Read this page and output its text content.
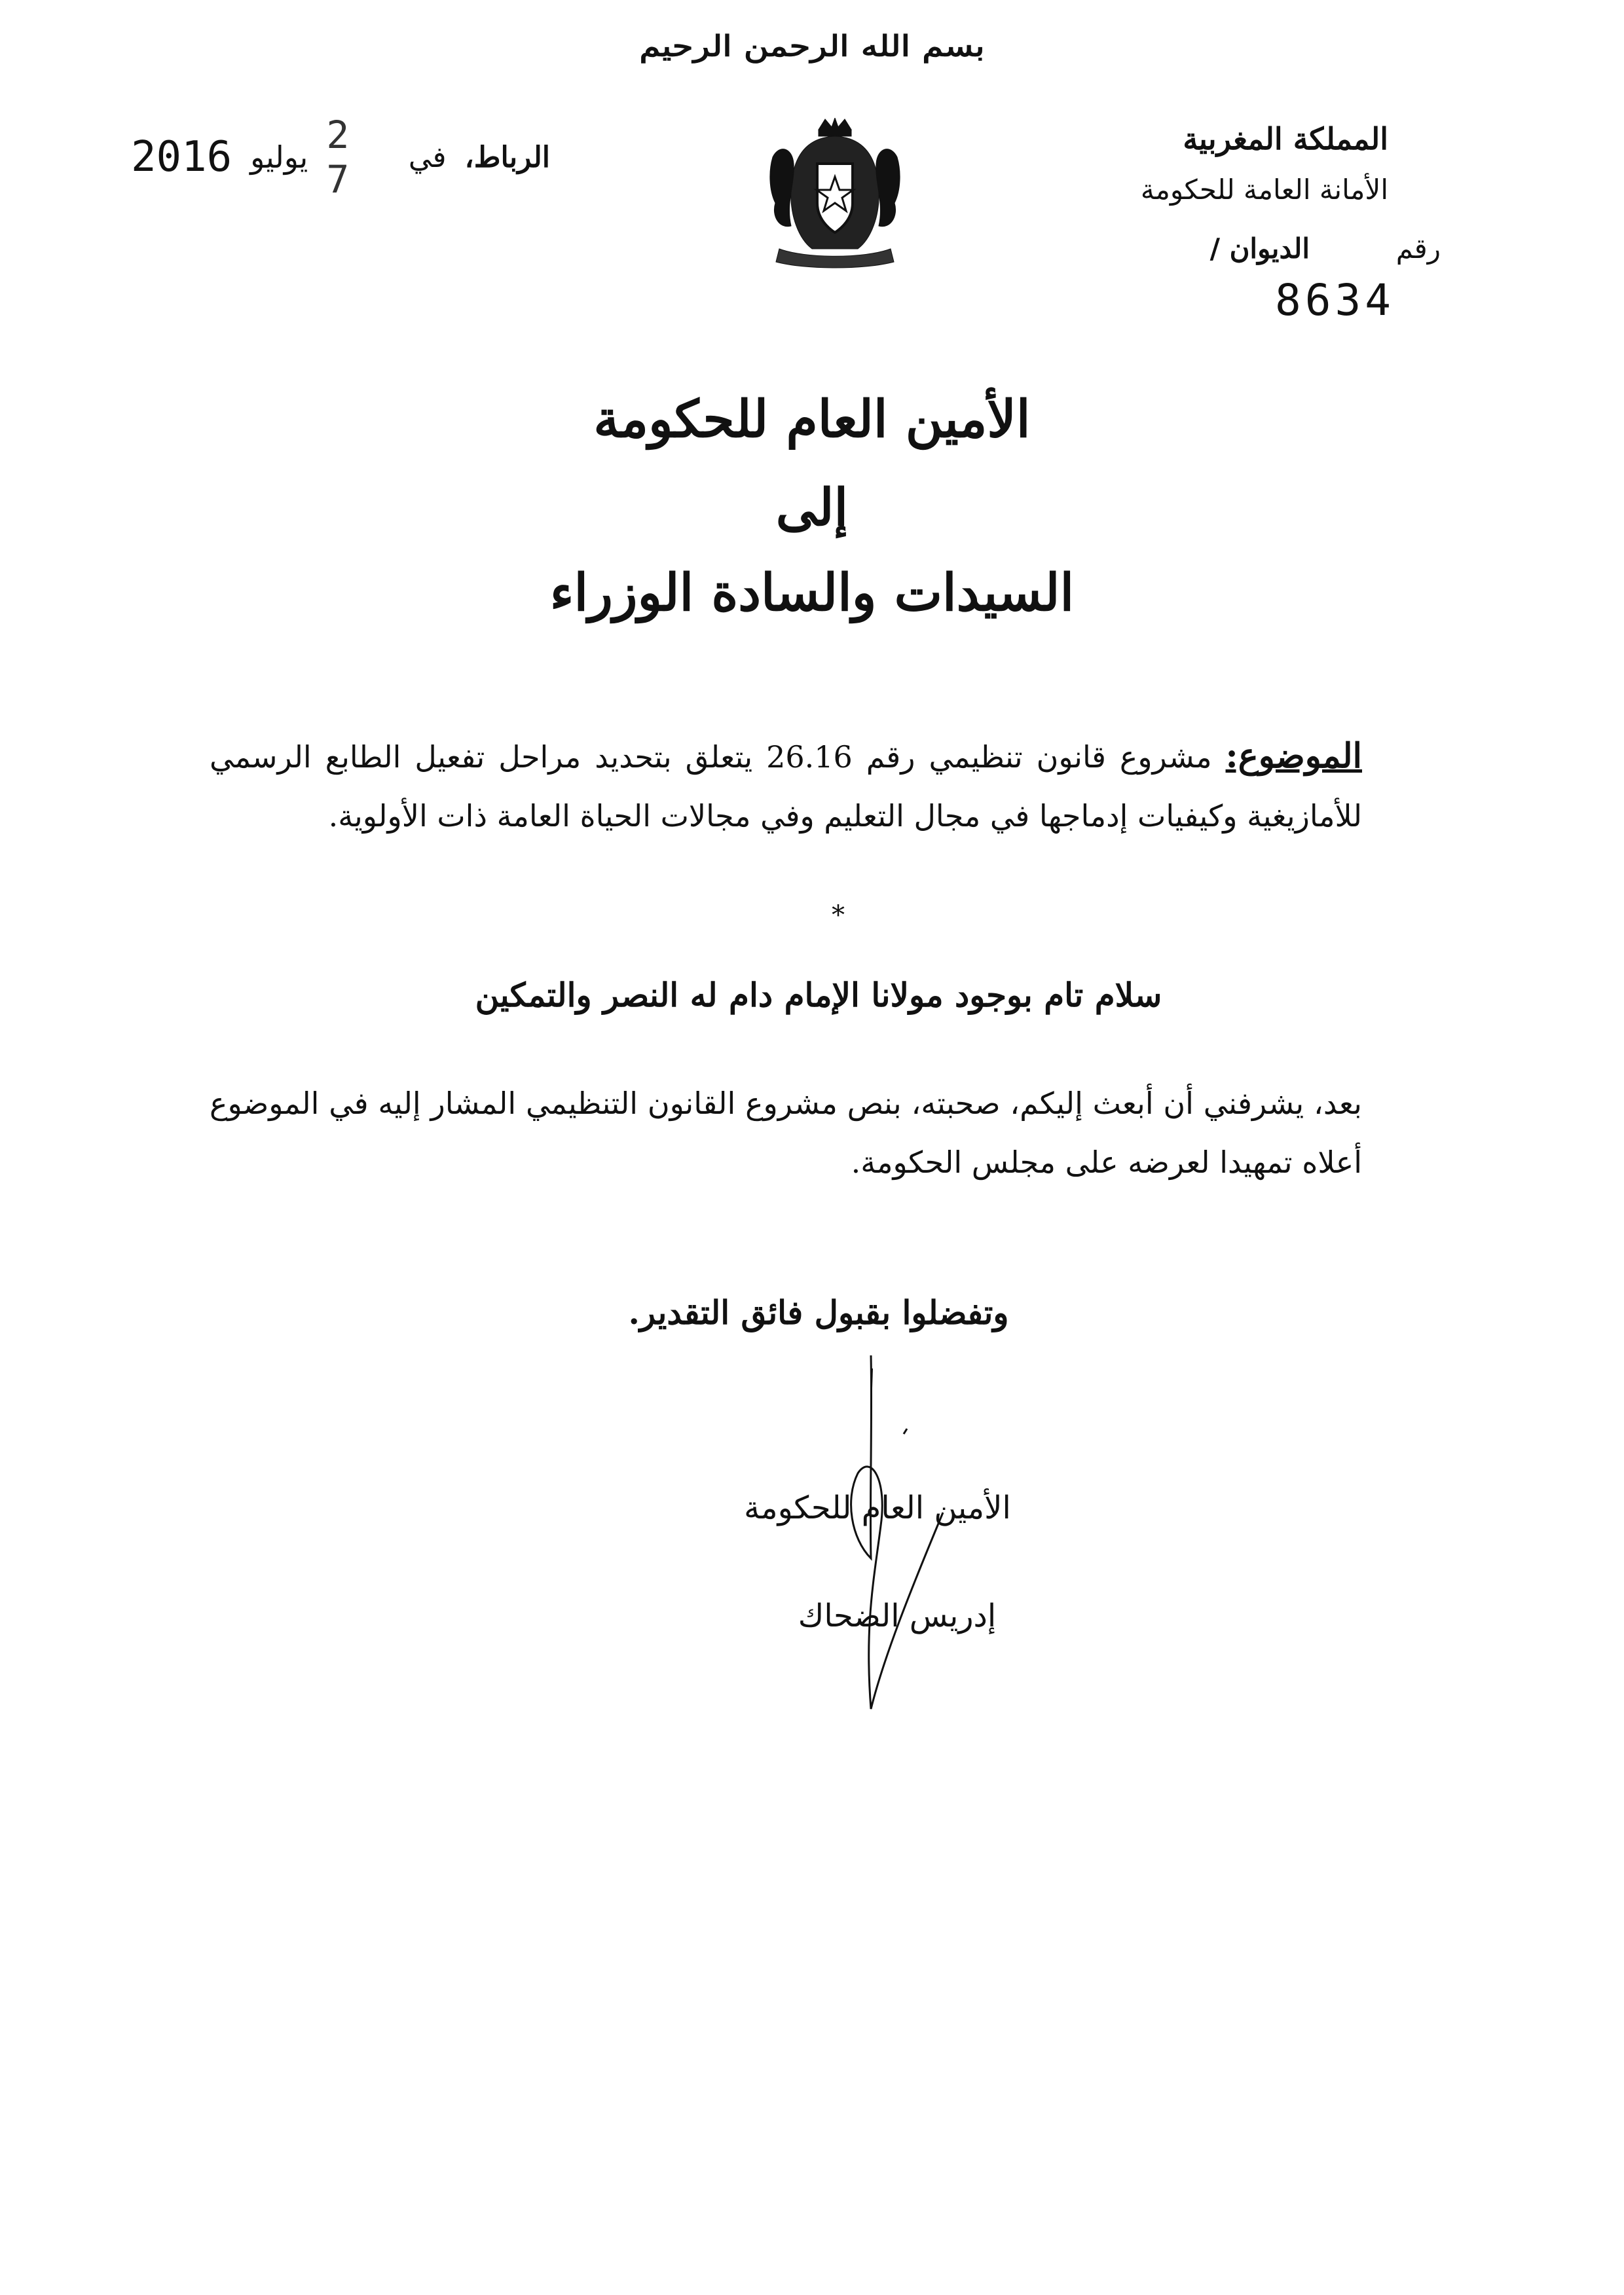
بسم الله الرحمن الرحيم
2016 يوليو 2 7	في الرباط،
المملكة المغربية
الأمانة العامة للحكومة
رقم
الديوان /
8634
الأمين العام للحكومة
إلى
السيدات والسادة الوزراء
الموضوع: مشروع قانون تنظيمي رقم 26.16 يتعلق بتحديد مراحل تفعيل الطابع الرسمي للأمازيغية وكيفيات إدماجها في مجال التعليم وفي مجالات الحياة العامة ذات الأولوية.
*
سلام تام بوجود مولانا الإمام دام له النصر والتمكين
بعد، يشرفني أن أبعث إليكم، صحبته، بنص مشروع القانون التنظيمي المشار إليه في الموضوع أعلاه تمهيدا لعرضه على مجلس الحكومة.
وتفضلوا بقبول فائق التقدير.
الأمين العام للحكومة
إدريس الضحاك
